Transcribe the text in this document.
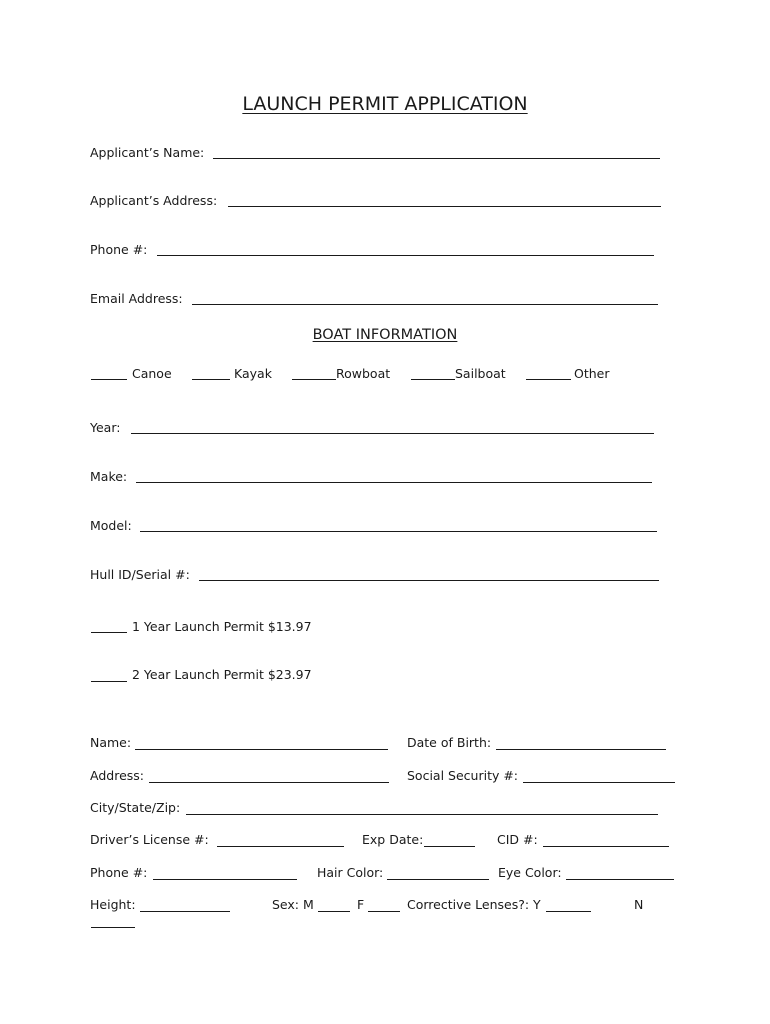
LAUNCH PERMIT APPLICATION
Applicant’s Name:
Applicant’s Address:
Phone #:
Email Address:
BOAT INFORMATION
Canoe	Kayak	Rowboat	Sailboat	Other
Year:
Make:
Model:
Hull ID/Serial #:
1 Year Launch Permit $13.97
2 Year Launch Permit $23.97
Name:	Date of Birth:
Address:	Social Security #:
City/State/Zip:
Driver’s License #:	Exp Date:	CID #:
Phone #:	Hair Color:	Eye Color:
Height:	Sex: M	F	Corrective Lenses?: Y	N
